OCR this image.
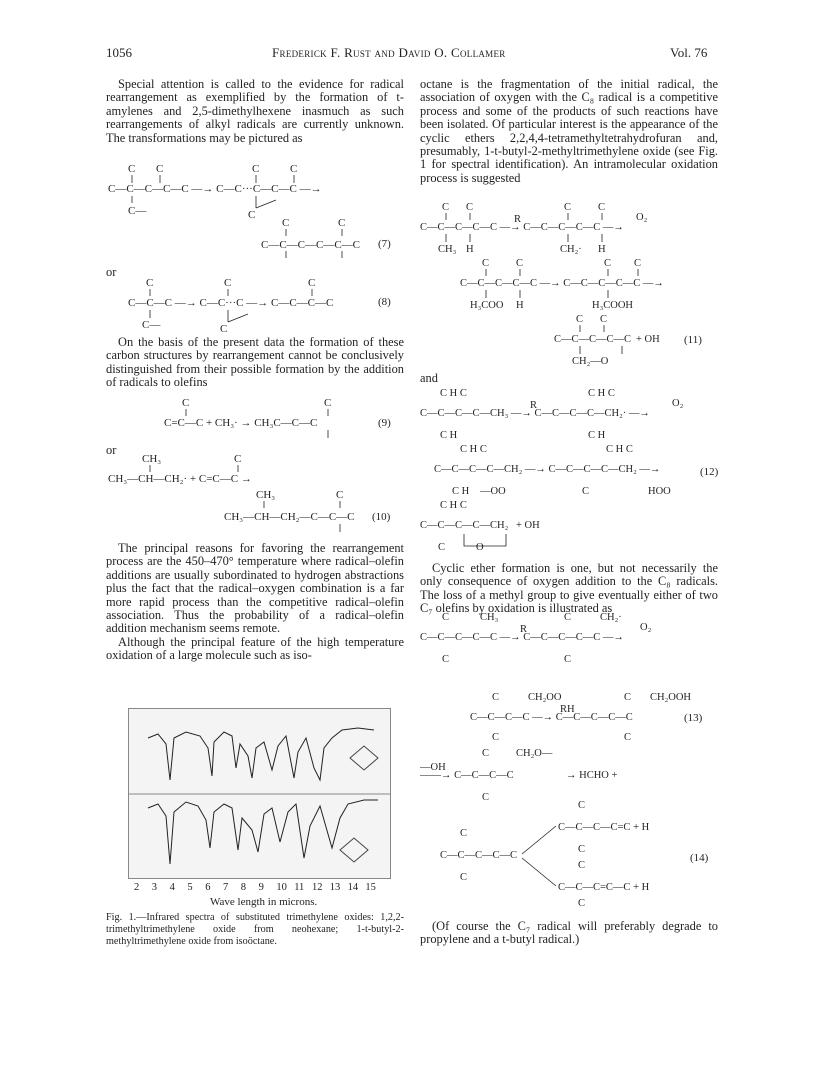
1056	Frederick F. Rust and David O. Collamer	Vol. 76

Special attention is called to the evidence for radical rearrangement as exemplified by the formation of t-amylenes and 2,5-dimethylhexene inasmuch as such rearrangements of alkyl radicals are currently unknown. The transformations may be pictured as

C C
C—C—C—C—C —→ C—C···C—C—C —→
C—
C	C
C
C	C
C—C—C—C—C—C (7)
or
C	C	C
C—C—C —→ C—C···C —→ C—C—C—C
C—	C
(8)

On the basis of the present data the formation of these carbon structures by rearrangement cannot be conclusively distinguished from their possible formation by the addition of radicals to olefins

C	C
C=C—C + CH₃· → CH₃C—C—C	(9)
or
CH₃	C
CH₃—CH—CH₂· + C=C—C →
CH₃	C
CH₃—CH—CH₂—C—C—C (10)

The principal reasons for favoring the rearrangement process are the 450–470° temperature where radical–olefin additions are usually subordinated to hydrogen abstractions plus the fact that the radical–oxygen combination is a far more rapid process than the competitive radical–olefin association. Thus the probability of a radical–olefin addition mechanism seems remote.

Although the principal feature of the high temperature oxidation of a large molecule such as iso-

2 3 4 5 6 7 8 9 10 11 12 13 14 15
Wave length in microns.
Fig. 1.—Infrared spectra of substituted trimethylene oxides: 1,2,2-trimethyltrimethylene oxide from neohexane; 1-t-butyl-2-methyltrimethylene oxide from isoöctane.

octane is the fragmentation of the initial radical, the association of oxygen with the C₈ radical is a competitive process and some of the products of such reactions have been isolated. Of particular interest is the appearance of the cyclic ethers 2,2,4,4-tetramethyltetrahydrofuran and, presumably, 1-t-butyl-2-methyltrimethylene oxide (see Fig. 1 for spectral identification). An intramolecular oxidation process is suggested

C C	C	C
C—C—C—C—C —→ C—C—C—C—C —→
R	O₂
CH₃ H	CH₂· H
C	C	C C
C—C—C—C—C —→ C—C—C—C—C —→
H₃COO H	H₃COOH
C C
C—C—C—C—C + OH
CH₂—O
(11)
and
C H C	C H C
C—C—C—C—CH₃ —→ C—C—C—C—CH₂· —→
R	O₂
C H	C H
C H C	C H C
C—C—C—C—CH₂ —→ C—C—C—C—CH₂ —→
C H —OO	C	HOO
C H C
C—C—C—C—CH₂ + OH
C	O
(12)

Cyclic ether formation is one, but not necessarily the only consequence of oxygen addition to the C₈ radicals. The loss of a methyl group to give eventually either of two C₇ olefins by oxidation is illustrated as

C	CH₃	C	CH₂·
C—C—C—C—C —→ C—C—C—C—C —→
R	O₂
C	C
C	CH₂OO	C CH₂OOH
C—C—C—C —→ C—C—C—C—C
RH
C	C
C	CH₂O—
—OH
——→ C—C—C—C	→ HCHO +
C
(13)
C
C—C—C—C=C + H
C
C
C—C—C—C—C
C
C
C—C—C=C—C + H
C
(14)

(Of course the C₇ radical will preferably degrade to propylene and a t-butyl radical.)
